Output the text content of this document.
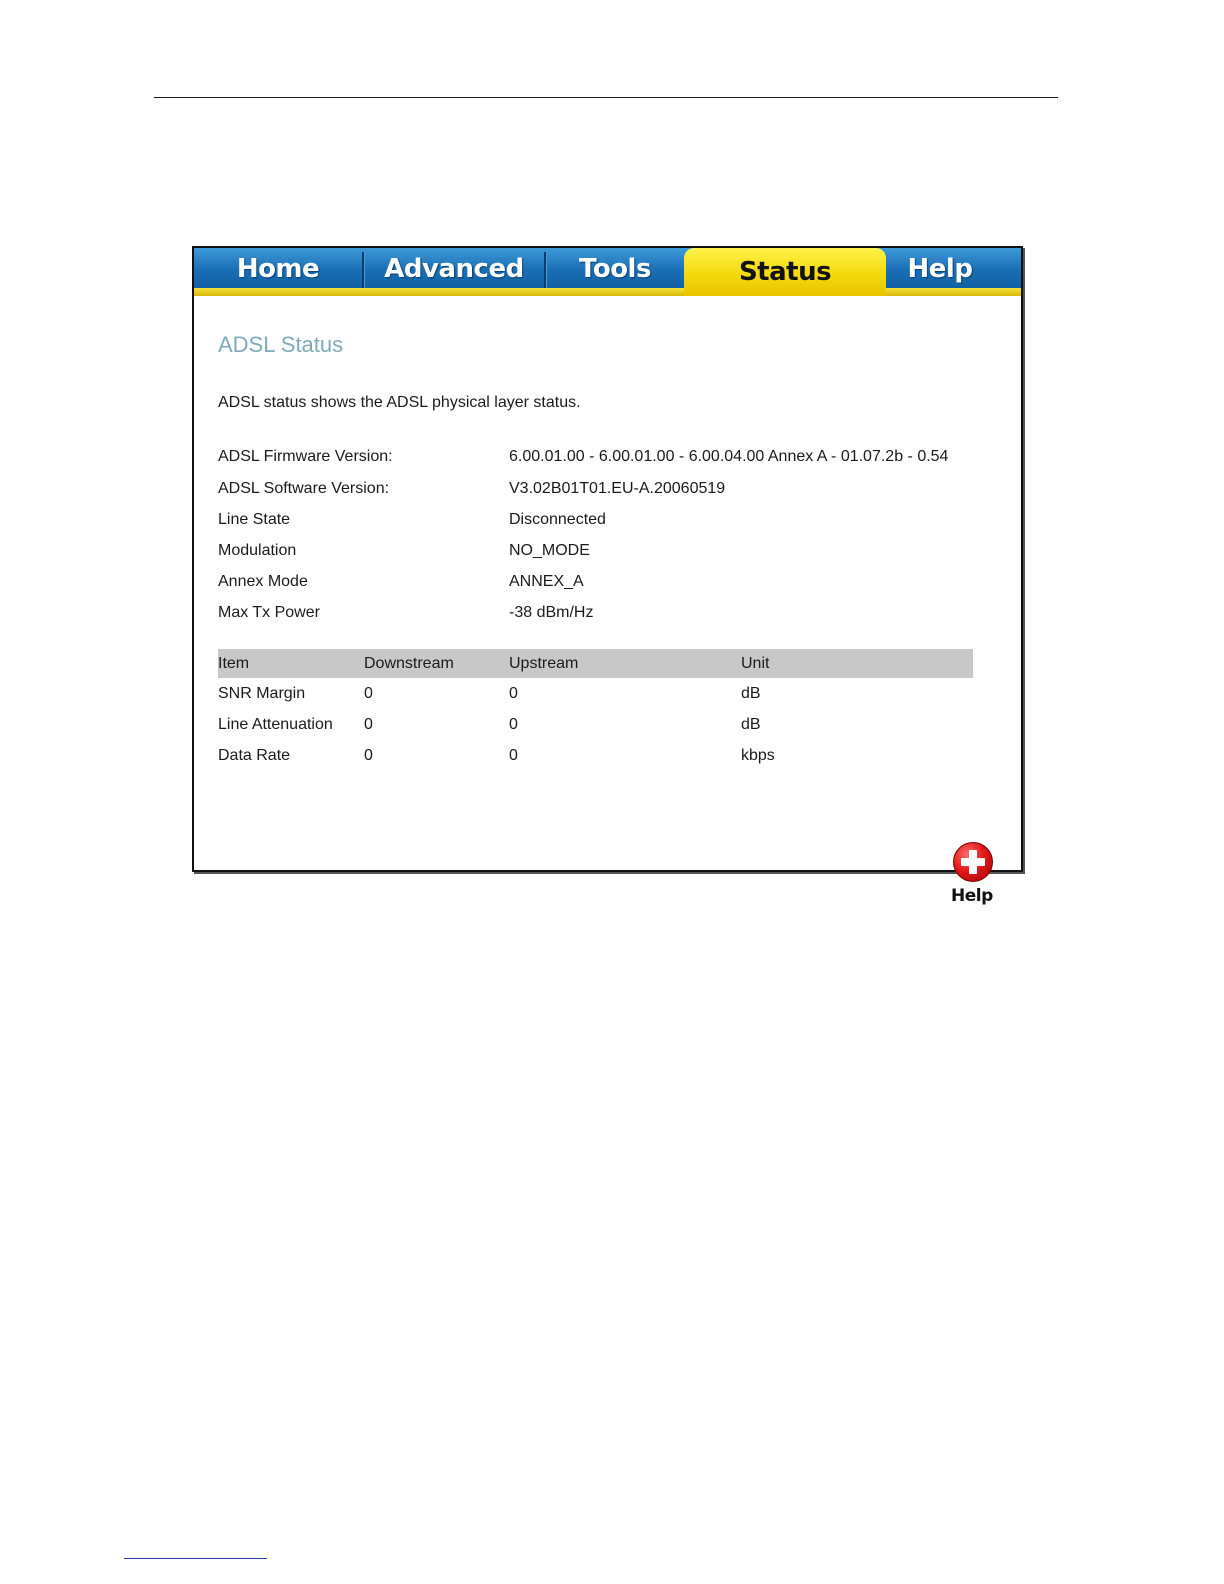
Home	Advanced	Tools	Status	Help
ADSL Status
ADSL status shows the ADSL physical layer status.
ADSL Firmware Version:	6.00.01.00 - 6.00.01.00 - 6.00.04.00 Annex A - 01.07.2b - 0.54
ADSL Software Version:	V3.02B01T01.EU-A.20060519
Line State	Disconnected
Modulation	NO_MODE
Annex Mode	ANNEX_A
Max Tx Power	-38 dBm/Hz
Item	Downstream	Upstream	Unit
SNR Margin	0	0	dB
Line Attenuation	0	0	dB
Data Rate	0	0	kbps
Help
